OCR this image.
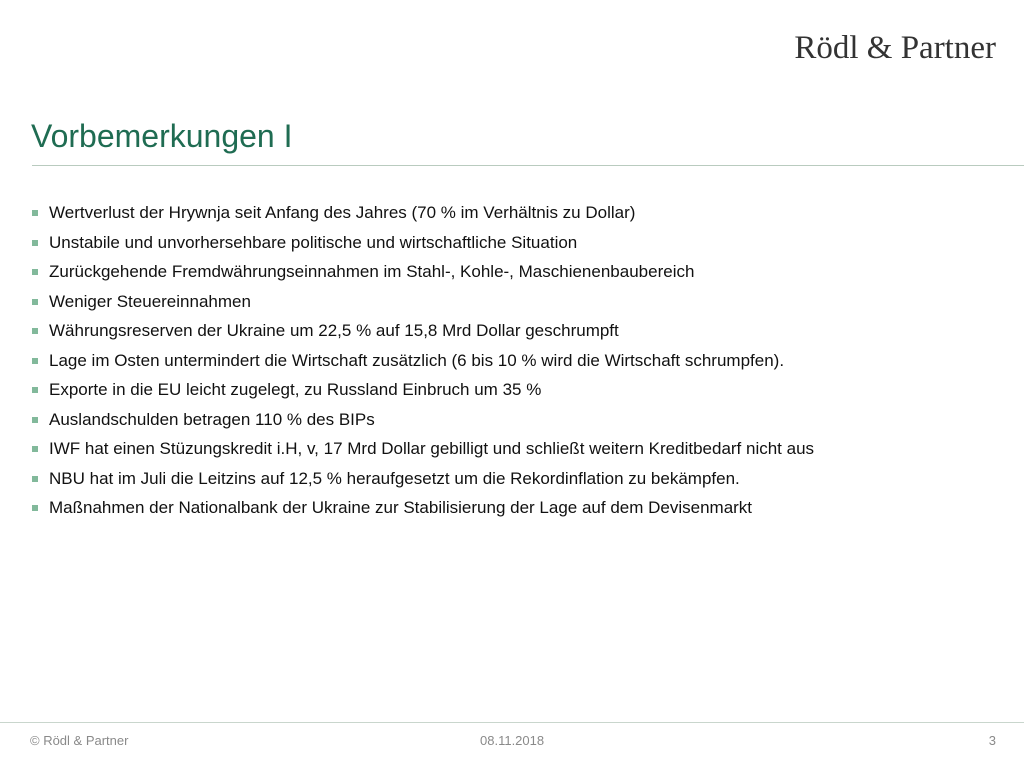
Rödl & Partner
Vorbemerkungen I
Wertverlust der Hrywnja seit Anfang des Jahres (70 % im Verhältnis zu Dollar)
Unstabile und unvorhersehbare politische und wirtschaftliche Situation
Zurückgehende Fremdwährungseinnahmen im Stahl-, Kohle-, Maschienenbaubereich
Weniger Steuereinnahmen
Währungsreserven der Ukraine um 22,5 % auf 15,8 Mrd Dollar geschrumpft
Lage im Osten untermindert die Wirtschaft zusätzlich (6 bis 10 % wird die Wirtschaft schrumpfen).
Exporte in die EU leicht zugelegt, zu Russland Einbruch um 35 %
Auslandschulden betragen 110 % des BIPs
IWF hat einen Stüzungskredit i.H, v, 17 Mrd Dollar gebilligt und schließt weitern Kreditbedarf nicht aus
NBU hat im Juli die Leitzins auf 12,5 % heraufgesetzt um die Rekordinflation zu bekämpfen.
Maßnahmen der Nationalbank der Ukraine zur Stabilisierung der Lage auf dem Devisenmarkt
© Rödl & Partner	08.11.2018	3
